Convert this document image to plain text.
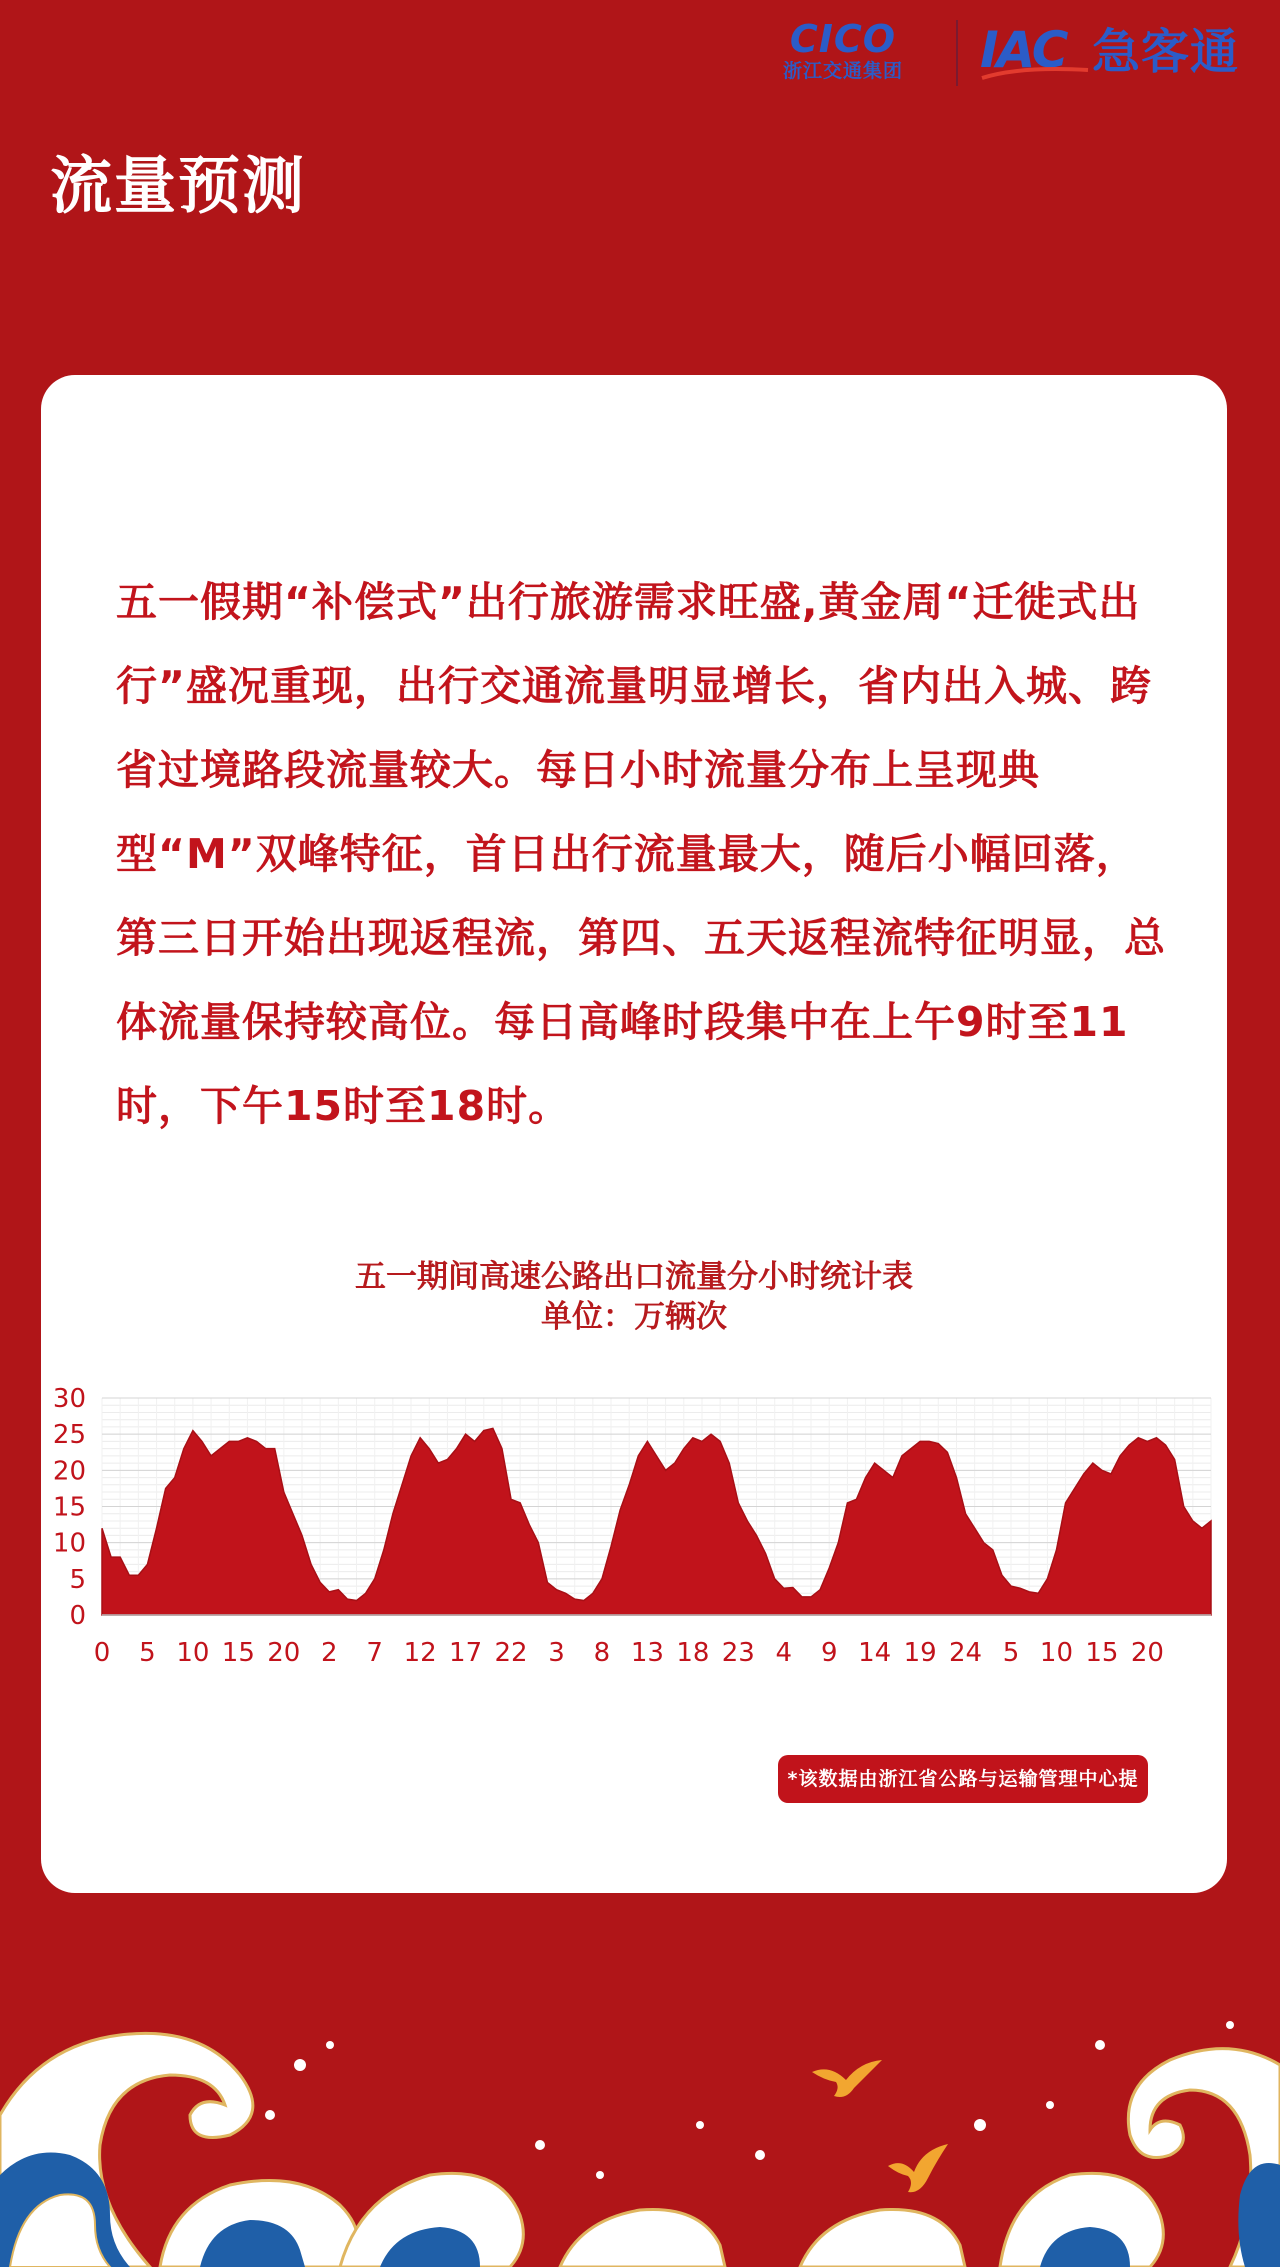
CICO
浙江交通集团	IAC 急客通
流量预测

五一假期“补偿式”出行旅游需求旺盛,黄金周“迁徙式出行”盛况重现，出行交通流量明显增长，省内出入城、跨省过境路段流量较大。每日小时流量分布上呈现典型“M”双峰特征，首日出行流量最大，随后小幅回落，第三日开始出现返程流，第四、五天返程流特征明显，总体流量保持较高位。每日高峰时段集中在上午9时至11时，下午15时至18时。

五一期间高速公路出口流量分小时统计表

单位：万辆次

0
5
10
15
20
25
30
0 5 10 15 20 2 7 12 17 22 3 8 13 18 23 4 9 14 19 24 5 10 15 20
*该数据由浙江省公路与运输管理中心提供
